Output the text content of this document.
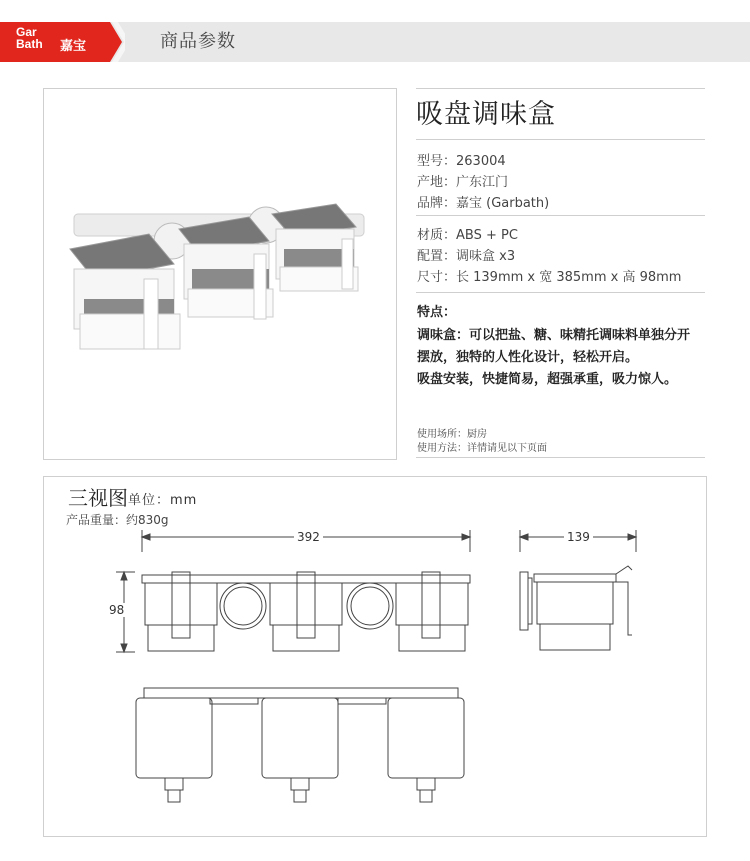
Gar
Bath 嘉宝	商品参数
吸盘调味盒
型号：263004
产地：广东江门
品牌：嘉宝 (Garbath)
材质：ABS + PC
配置：调味盒 x3
尺寸：长 139mm x 宽 385mm x 高 98mm
特点：
调味盒：可以把盐、糖、味精托调味料单独分开
摆放，独特的人性化设计，轻松开启。
吸盘安装，快捷简易，超强承重，吸力惊人。
使用场所：厨房
使用方法：详情请见以下页面
三视图 单位：mm
产品重量：约830g
392	139
98
